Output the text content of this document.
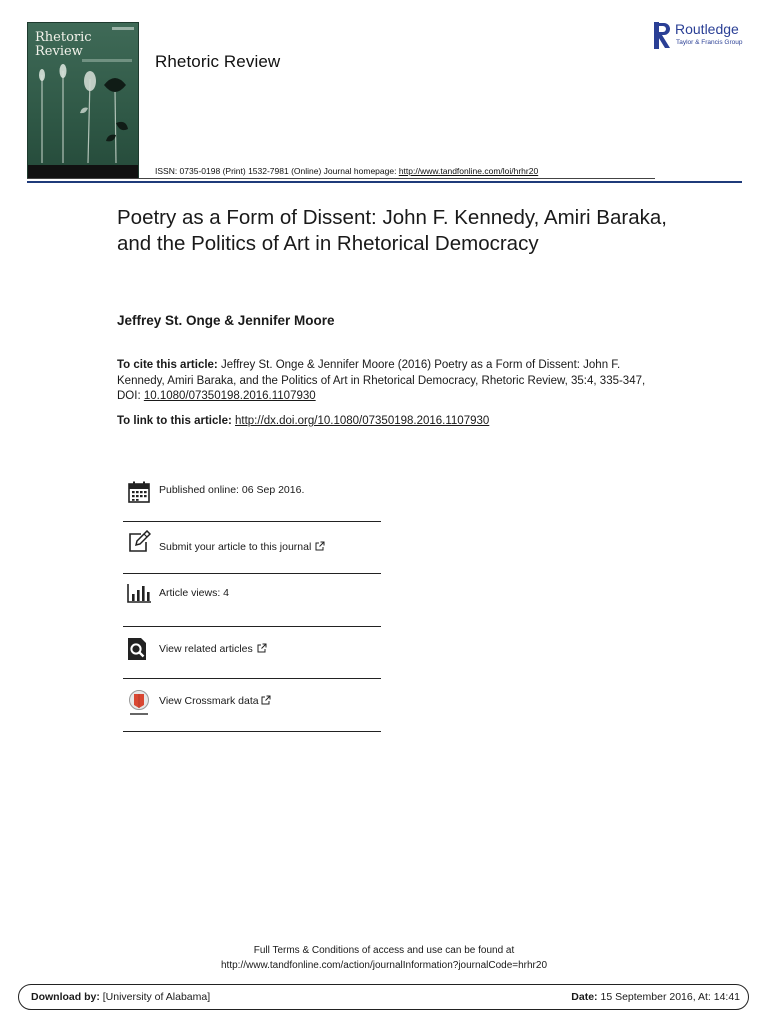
Rhetoric
Review
Rhetoric Review
Routledge
Taylor & Francis Group
ISSN: 0735-0198 (Print) 1532-7981 (Online) Journal homepage: http://www.tandfonline.com/loi/hrhr20
Poetry as a Form of Dissent: John F. Kennedy, Amiri Baraka, and the Politics of Art in Rhetorical Democracy
Jeffrey St. Onge & Jennifer Moore
To cite this article: Jeffrey St. Onge & Jennifer Moore (2016) Poetry as a Form of Dissent: John F. Kennedy, Amiri Baraka, and the Politics of Art in Rhetorical Democracy, Rhetoric Review, 35:4, 335-347, DOI: 10.1080/07350198.2016.1107930
To link to this article: http://dx.doi.org/10.1080/07350198.2016.1107930
Published online: 06 Sep 2016.
Submit your article to this journal
Article views: 4
View related articles
View Crossmark data
Full Terms & Conditions of access and use can be found at
http://www.tandfonline.com/action/journalInformation?journalCode=hrhr20
Download by: [University of Alabama]	Date: 15 September 2016, At: 14:41
